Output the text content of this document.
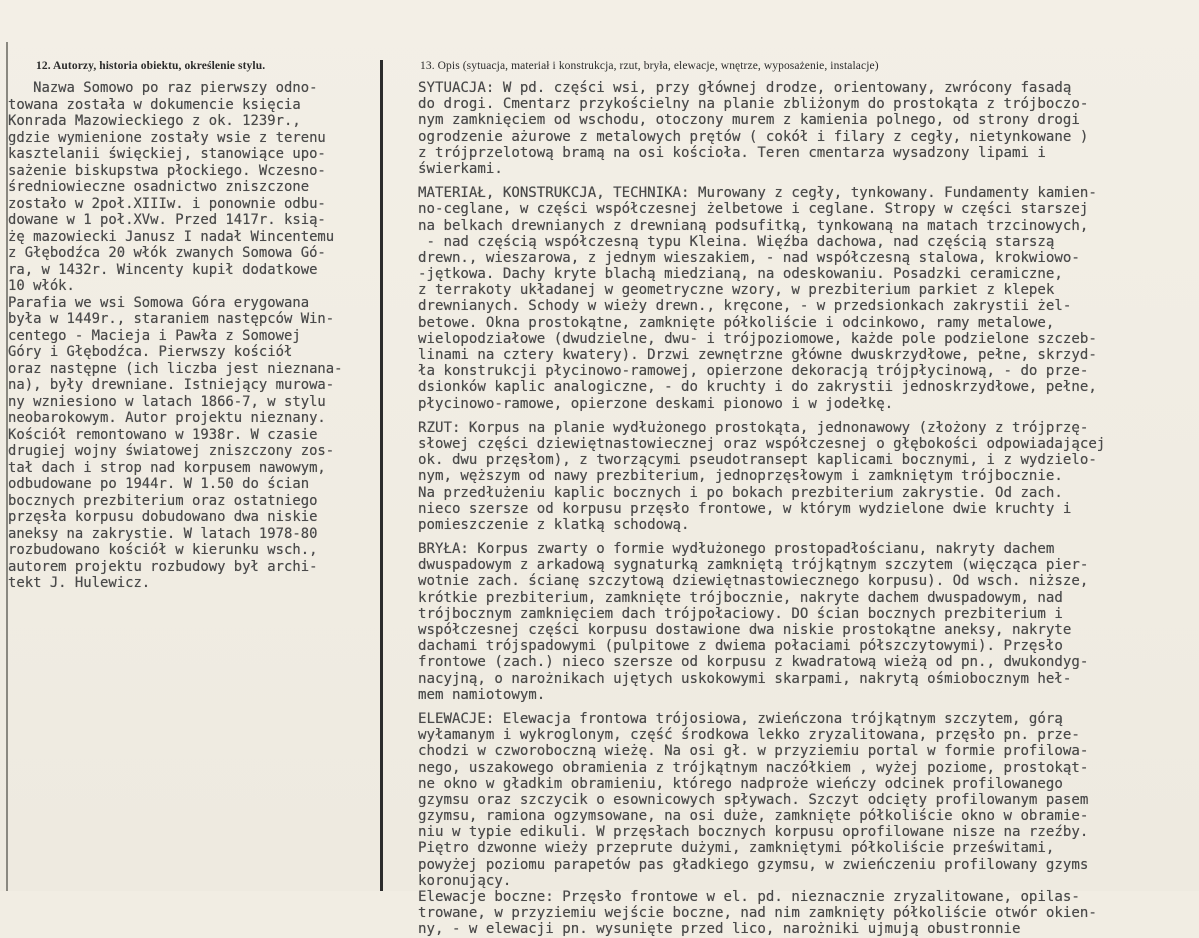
12. Autorzy, historia obiektu, określenie stylu.	13. Opis (sytuacja, materiał i konstrukcja, rzut, bryła, elewacje, wnętrze, wyposażenie, instalacje)
Nazwa Somowo po raz pierwszy odno-
towana została w dokumencie księcia
Konrada Mazowieckiego z ok. 1239r.,
gdzie wymienione zostały wsie z terenu
kasztelanii święckiej, stanowiące upo-
sażenie biskupstwa płockiego. Wczesno-
średniowieczne osadnictwo zniszczone
zostało w 2poł.XIIIw. i ponownie odbu-
dowane w 1 poł.XVw. Przed 1417r. ksią-
żę mazowiecki Janusz I nadał Wincentemu
z Głębodźca 20 włók zwanych Somowa Gó-
ra, w 1432r. Wincenty kupił dodatkowe
10 włók.
Parafia we wsi Somowa Góra erygowana
była w 1449r., staraniem następców Win-
centego - Macieja i Pawła z Somowej
Góry i Głębodźca. Pierwszy kościół
oraz następne (ich liczba jest nieznana-
na), były drewniane. Istniejący murowa-
ny wzniesiono w latach 1866-7, w stylu
neobarokowym. Autor projektu nieznany.
Kościół remontowano w 1938r. W czasie
drugiej wojny światowej zniszczony zos-
tał dach i strop nad korpusem nawowym,
odbudowane po 1944r. W 1.50 do ścian
bocznych prezbiterium oraz ostatniego
przęsła korpusu dobudowano dwa niskie
aneksy na zakrystie. W latach 1978-80
rozbudowano kościół w kierunku wsch.,
autorem projektu rozbudowy był archi-
tekt J. Hulewicz.
SYTUACJA: W pd. części wsi, przy głównej drodze, orientowany, zwrócony fasadą
do drogi. Cmentarz przykościelny na planie zbliżonym do prostokąta z trójboczo-
nym zamknięciem od wschodu, otoczony murem z kamienia polnego, od strony drogi
ogrodzenie ażurowe z metalowych prętów ( cokół i filary z cegły, nietynkowane )
z trójprzelotową bramą na osi kościoła. Teren cmentarza wysadzony lipami i
świerkami.
MATERIAŁ, KONSTRUKCJA, TECHNIKA: Murowany z cegły, tynkowany. Fundamenty kamien-
no-ceglane, w części współczesnej żelbetowe i ceglane. Stropy w części starszej
na belkach drewnianych z drewnianą podsufitką, tynkowaną na matach trzcinowych,
- nad częścią współczesną typu Kleina. Więźba dachowa, nad częścią starszą
drewn., wieszarowa, z jednym wieszakiem, - nad współczesną stalowa, krokwiowo-
-jętkowa. Dachy kryte blachą miedzianą, na odeskowaniu. Posadzki ceramiczne,
z terrakoty układanej w geometryczne wzory, w prezbiterium parkiet z klepek
drewnianych. Schody w wieży drewn., kręcone, - w przedsionkach zakrystii żel-
betowe. Okna prostokątne, zamknięte półkoliście i odcinkowo, ramy metalowe,
wielopodziałowe (dwudzielne, dwu- i trójpoziomowe, każde pole podzielone szczeb-
linami na cztery kwatery). Drzwi zewnętrzne główne dwuskrzydłowe, pełne, skrzyd-
ła konstrukcji płycinowo-ramowej, opierzone dekoracją trójpłycinową, - do prze-
dsionków kaplic analogiczne, - do kruchty i do zakrystii jednoskrzydłowe, pełne,
płycinowo-ramowe, opierzone deskami pionowo i w jodełkę.
RZUT: Korpus na planie wydłużonego prostokąta, jednonawowy (złożony z trójprzę-
słowej części dziewiętnastowiecznej oraz współczesnej o głębokości odpowiadającej
ok. dwu przęsłom), z tworzącymi pseudotransept kaplicami bocznymi, i z wydzielo-
nym, węższym od nawy prezbiterium, jednoprzęsłowym i zamkniętym trójbocznie.
Na przedłużeniu kaplic bocznych i po bokach prezbiterium zakrystie. Od zach.
nieco szersze od korpusu przęsło frontowe, w którym wydzielone dwie kruchty i
pomieszczenie z klatką schodową.
BRYŁA: Korpus zwarty o formie wydłużonego prostopadłościanu, nakryty dachem
dwuspadowym z arkadową sygnaturką zamkniętą trójkątnym szczytem (więcząca pier-
wotnie zach. ścianę szczytową dziewiętnastowiecznego korpusu). Od wsch. niższe,
krótkie prezbiterium, zamknięte trójbocznie, nakryte dachem dwuspadowym, nad
trójbocznym zamknięciem dach trójpołaciowy. DO ścian bocznych prezbiterium i
współczesnej części korpusu dostawione dwa niskie prostokątne aneksy, nakryte
dachami trójspadowymi (pulpitowe z dwiema połaciami półszczytowymi). Przęsło
frontowe (zach.) nieco szersze od korpusu z kwadratową wieżą od pn., dwukondyg-
nacyjną, o narożnikach ujętych uskokowymi skarpami, nakrytą ośmiobocznym heł-
mem namiotowym.
ELEWACJE: Elewacja frontowa trójosiowa, zwieńczona trójkątnym szczytem, górą
wyłamanym i wykroglonym, część środkowa lekko zryzalitowana, przęsło pn. prze-
chodzi w czworoboczną wieżę. Na osi gł. w przyziemiu portal w formie profilowa-
nego, uszakowego obramienia z trójkątnym naczółkiem , wyżej poziome, prostokąt-
ne okno w gładkim obramieniu, którego nadproże wieńczy odcinek profilowanego
gzymsu oraz szczycik o esownicowych spływach. Szczyt odcięty profilowanym pasem
gzymsu, ramiona ogzymsowane, na osi duże, zamknięte półkoliście okno w obramie-
niu w typie edikuli. W przęsłach bocznych korpusu oprofilowane nisze na rzeźby.
Piętro dzwonne wieży przeprute dużymi, zamkniętymi półkoliście prześwitami,
powyżej poziomu parapetów pas gładkiego gzymsu, w zwieńczeniu profilowany gzyms
koronujący.
Elewacje boczne: Przęsło frontowe w el. pd. nieznacznie zryzalitowane, opilas-
trowane, w przyziemiu wejście boczne, nad nim zamknięty półkoliście otwór okien-
ny, - w elewacji pn. wysunięte przed lico, narożniki ujmują obustronnie
